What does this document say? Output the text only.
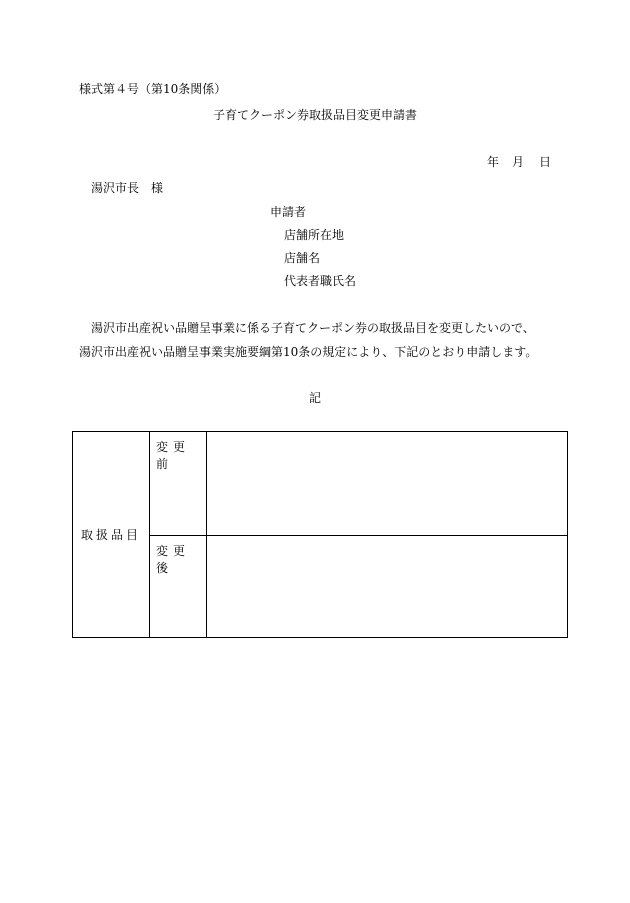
様式第４号（第10条関係）
子育てクーポン券取扱品目変更申請書
年 月 日
湯沢市長　様
申請者
店舗所在地
店舗名
代表者職氏名
湯沢市出産祝い品贈呈事業に係る子育てクーポン券の取扱品目を変更したいので、
湯沢市出産祝い品贈呈事業実施要綱第10条の規定により、下記のとおり申請します。
記
取扱品目	変更前	
	変更後	
